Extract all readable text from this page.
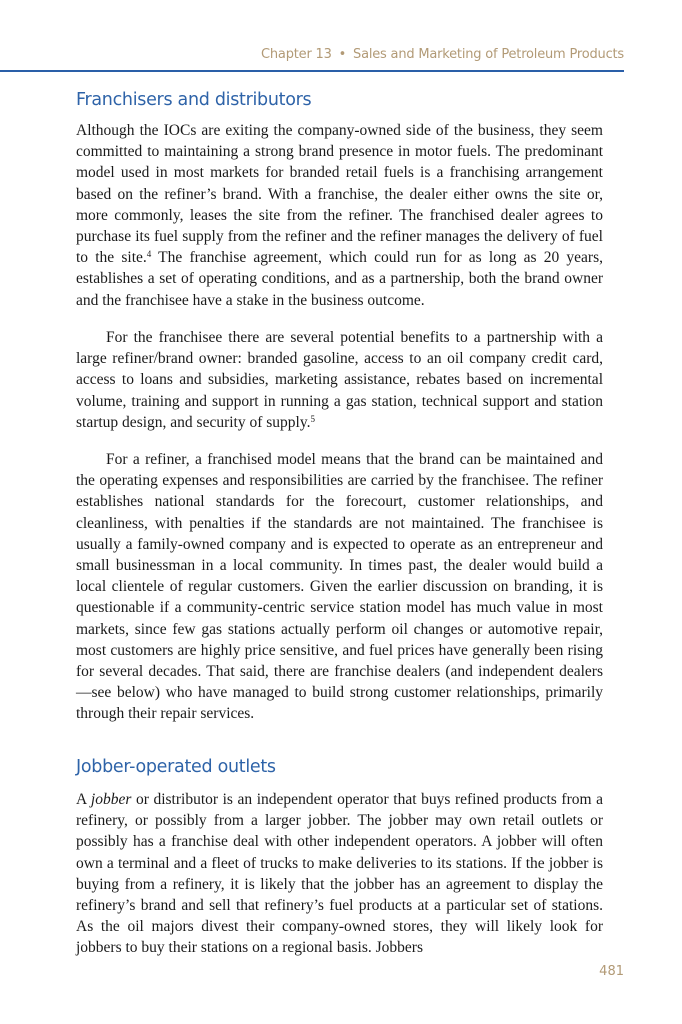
Chapter 13 • Sales and Marketing of Petroleum Products
Franchisers and distributors

Although the IOCs are exiting the company-owned side of the business, they seem committed to maintaining a strong brand presence in motor fuels. The predominant model used in most markets for branded retail fuels is a franchising arrangement based on the refiner’s brand. With a franchise, the dealer either owns the site or, more commonly, leases the site from the refiner. The franchised dealer agrees to purchase its fuel supply from the refiner and the refiner manages the delivery of fuel to the site.$^4$ The franchise agreement, which could run for as long as 20 years, establishes a set of operating conditions, and as a partnership, both the brand owner and the franchisee have a stake in the business outcome.

For the franchisee there are several potential benefits to a partnership with a large refiner/brand owner: branded gasoline, access to an oil company credit card, access to loans and subsidies, marketing assistance, rebates based on incremental volume, training and support in running a gas station, technical support and station startup design, and security of supply.$^5$

For a refiner, a franchised model means that the brand can be maintained and the operating expenses and responsibilities are carried by the franchisee. The refiner establishes national standards for the forecourt, customer relationships, and cleanliness, with penalties if the standards are not maintained. The franchisee is usually a family-owned company and is expected to operate as an entrepreneur and small businessman in a local community. In times past, the dealer would build a local clientele of regular customers. Given the earlier discussion on branding, it is questionable if a community-centric service station model has much value in most markets, since few gas stations actually perform oil changes or automotive repair, most customers are highly price sensitive, and fuel prices have generally been rising for several decades. That said, there are franchise dealers (and independent dealers—see below) who have managed to build strong customer relationships, primarily through their repair services.

Jobber-operated outlets

A jobber or distributor is an independent operator that buys refined products from a refinery, or possibly from a larger jobber. The jobber may own retail outlets or possibly has a franchise deal with other independent operators. A jobber will often own a terminal and a fleet of trucks to make deliveries to its stations. If the jobber is buying from a refinery, it is likely that the jobber has an agreement to display the refinery’s brand and sell that refinery’s fuel products at a particular set of stations. As the oil majors divest their company-owned stores, they will likely look for jobbers to buy their stations on a regional basis. Jobbers

481
